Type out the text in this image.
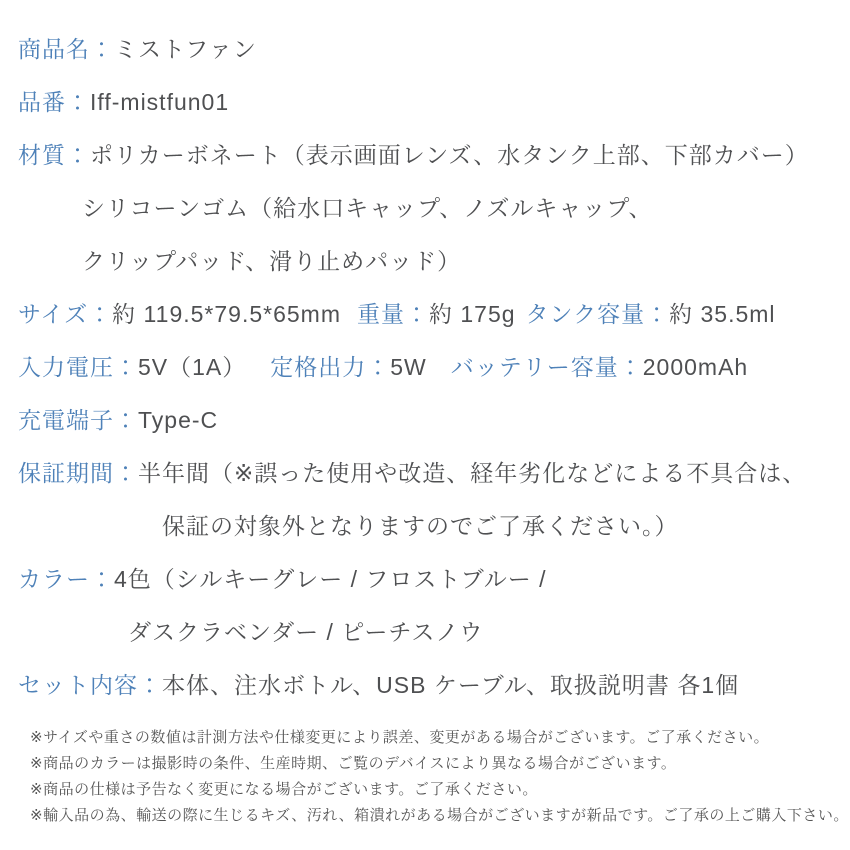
商品名：ミストファン
品番：Iff-mistfun01
材質：ポリカーボネート（表示画面レンズ、水タンク上部、下部カバー）
シリコーンゴム（給水口キャップ、ノズルキャップ、
クリップパッド、滑り止めパッド）
サイズ：約 119.5*79.5*65mm 重量：約 175g タンク容量：約 35.5ml
入力電圧：5V（1A） 定格出力：5W バッテリー容量：2000mAh
充電端子：Type-C
保証期間：半年間（※誤った使用や改造、経年劣化などによる不具合は、
保証の対象外となりますのでご了承ください。）
カラー：4色（シルキーグレー / フロストブルー /
ダスクラベンダー / ピーチスノウ
セット内容：本体、注水ボトル、USB ケーブル、取扱説明書 各1個
※サイズや重さの数値は計測方法や仕様変更により誤差、変更がある場合がございます。ご了承ください。
※商品のカラーは撮影時の条件、生産時期、ご覧のデバイスにより異なる場合がございます。
※商品の仕様は予告なく変更になる場合がございます。ご了承ください。
※輸入品の為、輸送の際に生じるキズ、汚れ、箱潰れがある場合がございますが新品です。ご了承の上ご購入下さい。
